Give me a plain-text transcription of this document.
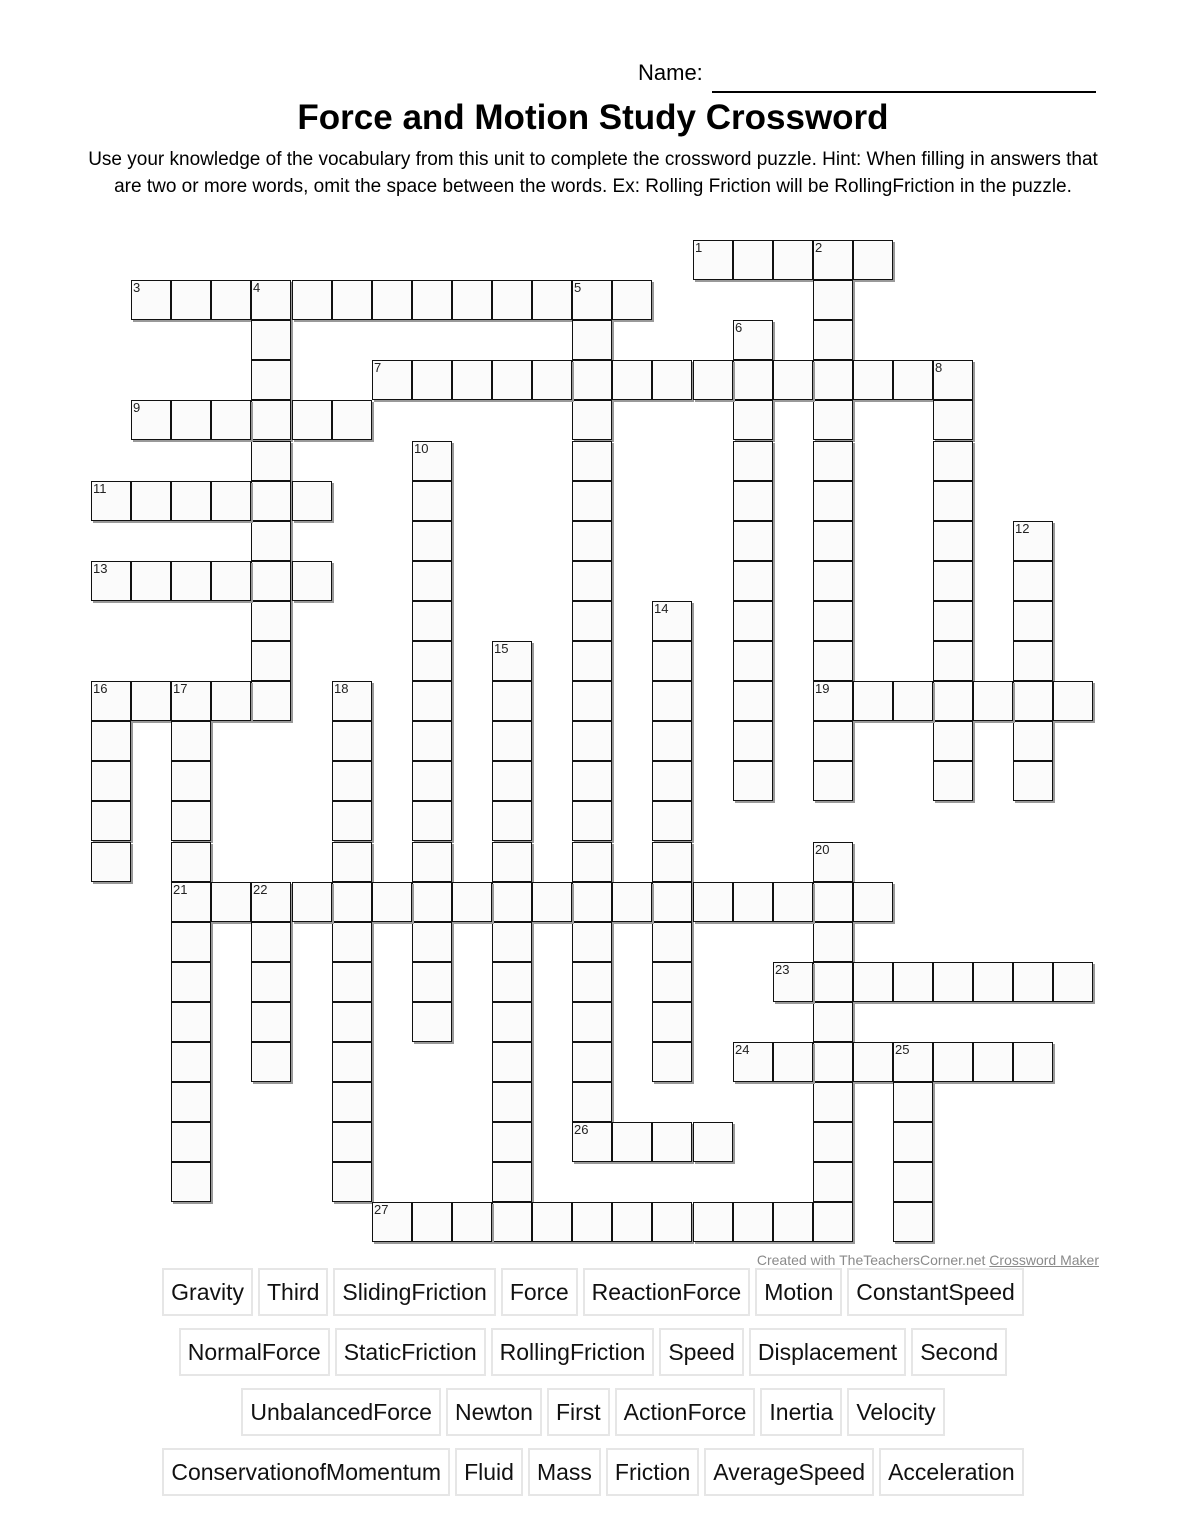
Name:
Force and Motion Study Crossword
Use your knowledge of the vocabulary from this unit to complete the crossword puzzle. Hint: When filling in answers that are two or more words, omit the space between the words. Ex: Rolling Friction will be RollingFriction in the puzzle.
1	2
19
3	4	5
26
6
7	8
9
10
11
12
13
14
15
16	17
21
18
20
22
23
24	25
27
Created with TheTeachersCorner.net Crossword Maker
Gravity	Third	SlidingFriction	Force	ReactionForce	Motion	ConstantSpeed
NormalForce	StaticFriction	RollingFriction	Speed	Displacement	Second
UnbalancedForce	Newton	First	ActionForce	Inertia	Velocity
ConservationofMomentum	Fluid	Mass	Friction	AverageSpeed	Acceleration
